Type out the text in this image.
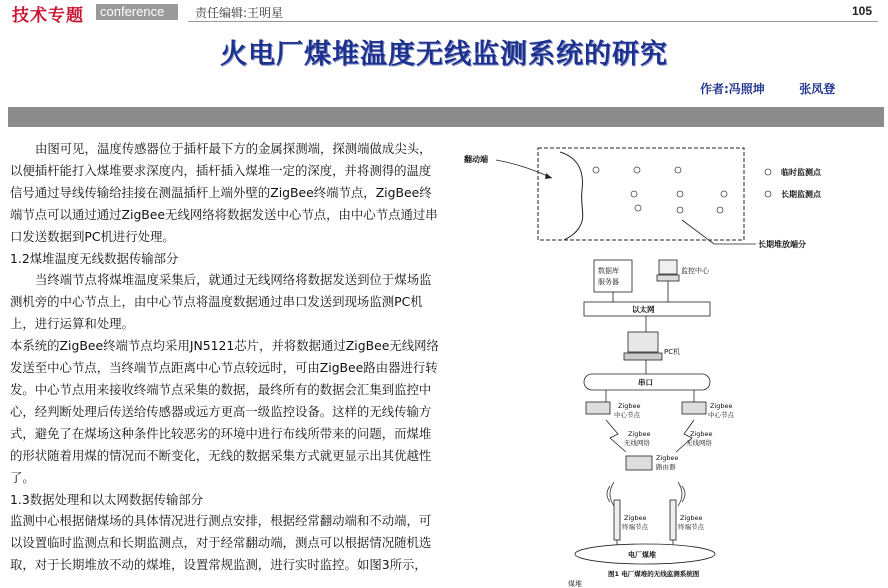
技术专题	conference	责任编辑:王明星	105
火电厂煤堆温度无线监测系统的研究
作者:冯照坤	张凤登

由图可见，温度传感器位于插杆最下方的金属探测端，探测端做成尖头，以便插杆能打入煤堆要求深度内，插杆插入煤堆一定的深度，并将测得的温度信号通过导线传输给挂接在测温插杆上端外壁的ZigBee终端节点，ZigBee终端节点可以通过通过ZigBee无线网络将数据发送中心节点，由中心节点通过串口发送数据到PC机进行处理。

1.2煤堆温度无线数据传输部分

当终端节点将煤堆温度采集后，就通过无线网络将数据发送到位于煤场监测机旁的中心节点上，由中心节点将温度数据通过串口发送到现场监测PC机上，进行运算和处理。

本系统的ZigBee终端节点均采用JN5121芯片，并将数据通过ZigBee无线网络发送至中心节点，当终端节点距离中心节点较远时，可由ZigBee路由器进行转发。中心节点用来接收终端节点采集的数据，最终所有的数据会汇集到监控中心，经判断处理后传送给传感器或远方更高一级监控设备。这样的无线传输方式，避免了在煤场这种条件比较恶劣的环境中进行布线所带来的问题，而煤堆的形状随着用煤的情况而不断变化，无线的数据采集方式就更显示出其优越性了。

1.3数据处理和以太网数据传输部分

监测中心根据储煤场的具体情况进行测点安排，根据经常翻动端和不动端，可以设置临时监测点和长期监测点，对于经常翻动端，测点可以根据情况随机选取，对于长期堆放不动的煤堆，设置常规监测，进行实时监控。如图3所示，

翻动端
临时监测点
长期监测点
长期堆放端分
数据库 服务器
监控中心
以太网
PC机
串口
Zigbee 中心节点
Zigbee 中心节点
Zigbee 无线网络
Zigbee 无线网络
Zigbee 路由器
Zigbee 终端节点
Zigbee 终端节点
电厂煤堆
图1 电厂煤堆的无线监测系统图
煤堆
